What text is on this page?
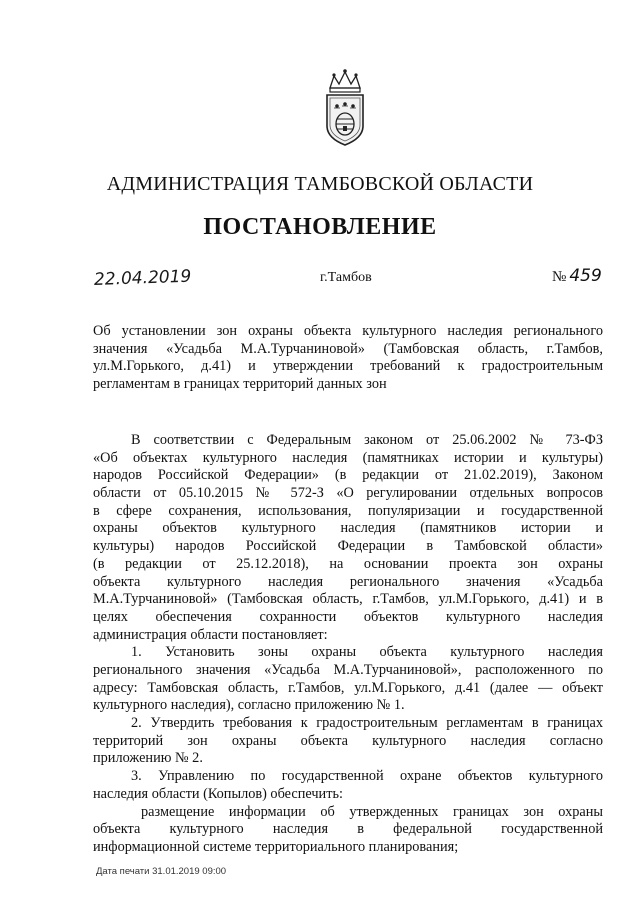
АДМИНИСТРАЦИЯ ТАМБОВСКОЙ ОБЛАСТИ
ПОСТАНОВЛЕНИЕ
22.04.2019	г.Тамбов	№ 459
Об установлении зон охраны объекта культурного наследия регионального
значения «Усадьба М.А.Турчаниновой» (Тамбовская область, г.Тамбов,
ул.М.Горького, д.41) и утверждении требований к градостроительным
регламентам в границах территорий данных зон
В соответствии с Федеральным законом от 25.06.2002 № 73-ФЗ
«Об объектах культурного наследия (памятниках истории и культуры)
народов Российской Федерации» (в редакции от 21.02.2019), Законом
области от 05.10.2015 № 572-З «О регулировании отдельных вопросов
в сфере сохранения, использования, популяризации и государственной
охраны объектов культурного наследия (памятников истории и
культуры) народов Российской Федерации в Тамбовской области»
(в редакции от 25.12.2018), на основании проекта зон охраны
объекта культурного наследия регионального значения «Усадьба
М.А.Турчаниновой» (Тамбовская область, г.Тамбов, ул.М.Горького, д.41) и в
целях обеспечения сохранности объектов культурного наследия
администрация области постановляет:
1. Установить зоны охраны объекта культурного наследия
регионального значения «Усадьба М.А.Турчаниновой», расположенного по
адресу: Тамбовская область, г.Тамбов, ул.М.Горького, д.41 (далее — объект
культурного наследия), согласно приложению № 1.
2. Утвердить требования к градостроительным регламентам в границах
территорий зон охраны объекта культурного наследия согласно
приложению № 2.
3. Управлению по государственной охране объектов культурного
наследия области (Копылов) обеспечить:
размещение информации об утвержденных границах зон охраны
объекта культурного наследия в федеральной государственной
информационной системе территориального планирования;
Дата печати 31.01.2019 09:00
